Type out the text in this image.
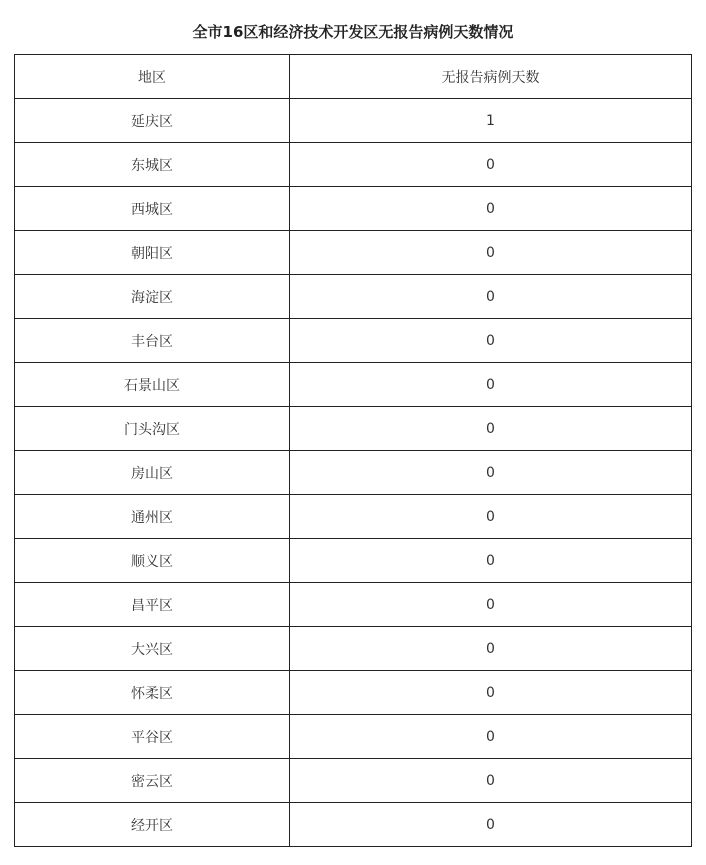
全市16区和经济技术开发区无报告病例天数情况
地区	无报告病例天数
延庆区	1
东城区	0
西城区	0
朝阳区	0
海淀区	0
丰台区	0
石景山区	0
门头沟区	0
房山区	0
通州区	0
顺义区	0
昌平区	0
大兴区	0
怀柔区	0
平谷区	0
密云区	0
经开区	0
